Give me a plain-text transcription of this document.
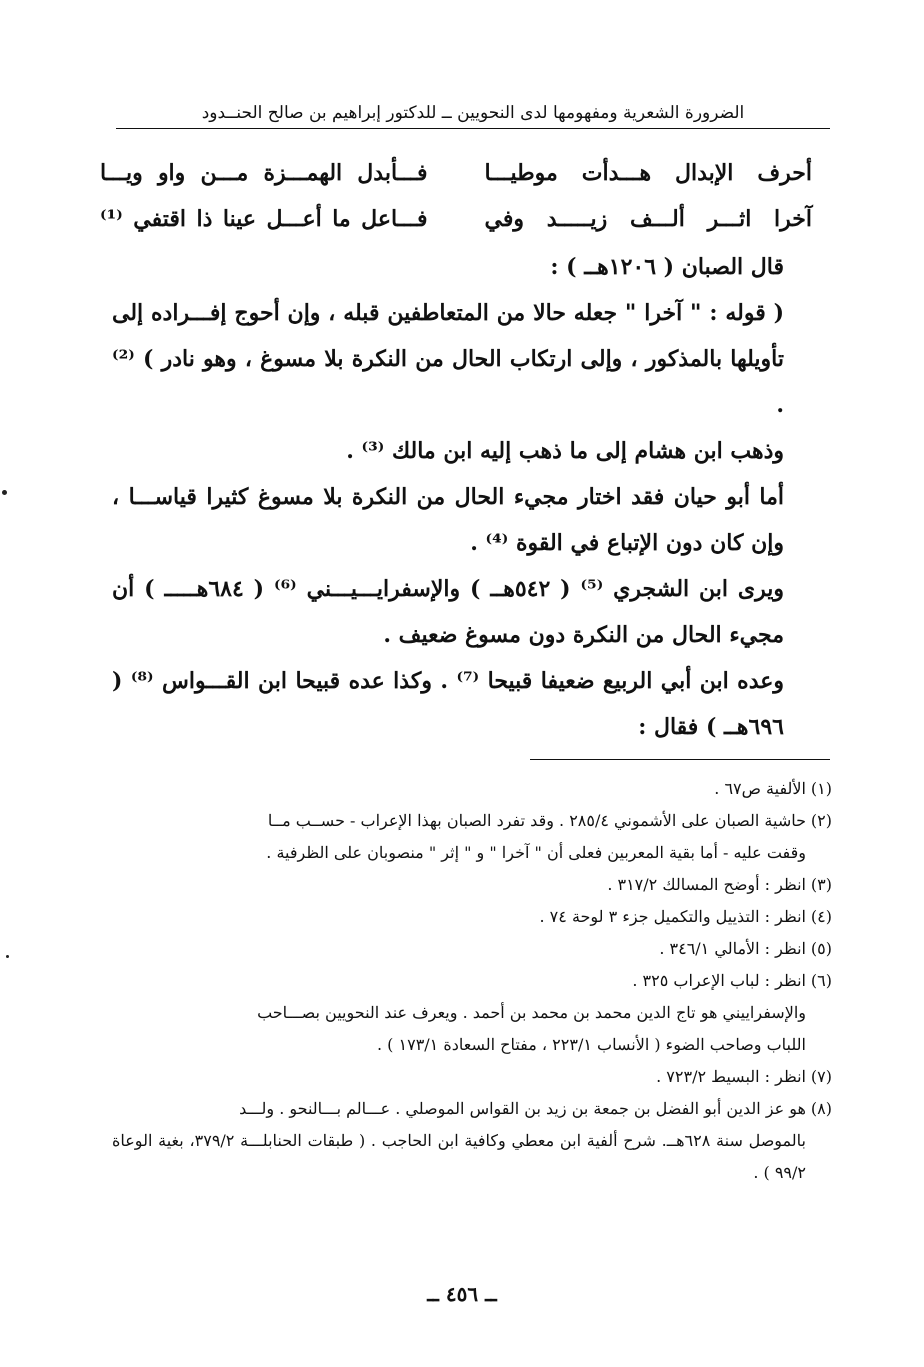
الضرورة الشعرية ومفهومها لدى النحويين ــ للدكتور إبراهيم بن صالح الحنــدود
أحرف الإبدال هـــدأت موطيـــا
فـــأبدل الهمـــزة مـــن واو ويـــا
آخرا اثـــر ألـــف زيـــــد وفي
فـــاعل ما أعـــل عينا ذا اقتفي ⁽¹⁾

قال الصبان ( ١٢٠٦هــ ) :

( قوله : " آخرا " جعله حالا من المتعاطفين قبله ، وإن أحوج إفـــراده إلى تأويلها بالمذكور ، وإلى ارتكاب الحال من النكرة بلا مسوغ ، وهو نادر ) ⁽²⁾ .

وذهب ابن هشام إلى ما ذهب إليه ابن مالك ⁽³⁾ .

أما أبو حيان فقد اختار مجيء الحال من النكرة بلا مسوغ كثيرا قياســـا ، وإن كان دون الإتباع في القوة ⁽⁴⁾ .

ويرى ابن الشجري ⁽⁵⁾ ( ٥٤٢هــ ) والإسفرايـــيـــني ⁽⁶⁾ ( ٦٨٤هـــــ ) أن مجيء الحال من النكرة دون مسوغ ضعيف .

وعده ابن أبي الربيع ضعيفا قبيحا ⁽⁷⁾ . وكذا عده قبيحا ابن القـــواس ⁽⁸⁾ ( ٦٩٦هــ ) فقال :

(١)
الألفية ص٦٧ .
(٢)
حاشية الصبان على الأشموني ٢٨٥/٤ . وقد تفرد الصبان بهذا الإعراب - حســب مــا
وقفت عليه - أما بقية المعربين فعلى أن " آخرا " و " إثر " منصوبان على الظرفية .
(٣)
انظر : أوضح المسالك ٣١٧/٢ .
(٤)
انظر : التذييل والتكميل جزء ٣ لوحة ٧٤ .
(٥)
انظر : الأمالي ٣٤٦/١ .
(٦)
انظر : لباب الإعراب ٣٢٥ .
والإسفراييني هو تاج الدين محمد بن محمد بن أحمد . ويعرف عند النحويين بصـــاحب
اللباب وصاحب الضوء ( الأنساب ٢٢٣/١ ، مفتاح السعادة ١٧٣/١ ) .
(٧)
انظر : البسيط ٧٢٣/٢ .
(٨)
هو عز الدين أبو الفضل بن جمعة بن زيد بن القواس الموصلي . عـــالم بـــالنحو . ولـــد
بالموصل سنة ٦٢٨هــ. شرح ألفية ابن معطي وكافية ابن الحاجب . ( طبقات الحنابلـــة ٣٧٩/٢، بغية الوعاة ٩٩/٢ ) .
ــ ٤٥٦ ــ
